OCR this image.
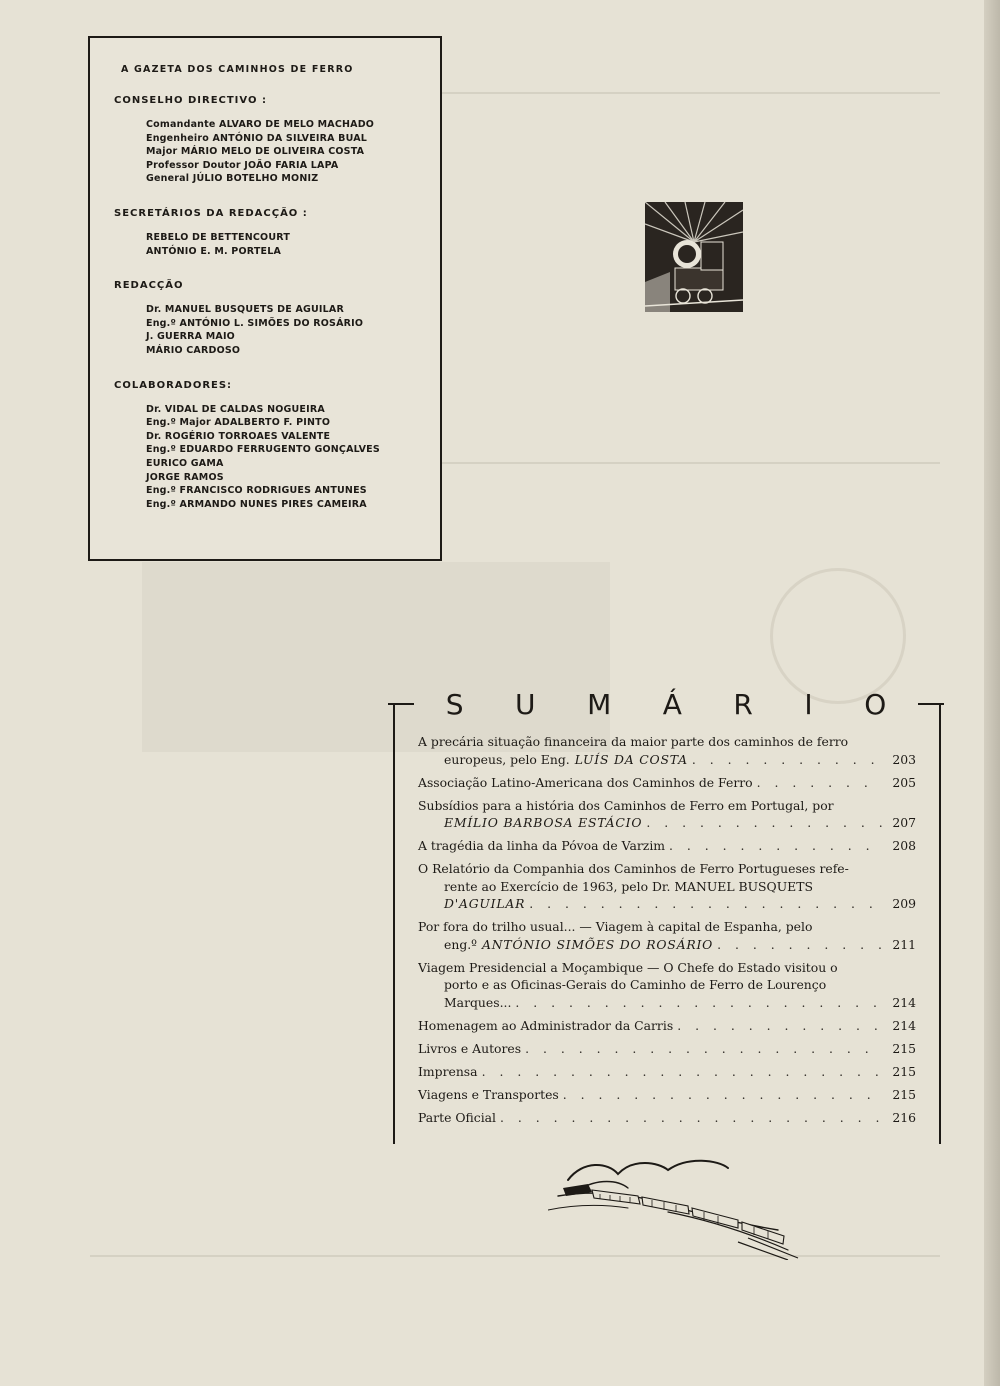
A GAZETA DOS CAMINHOS DE FERRO
CONSELHO DIRECTIVO :
Comandante ALVARO DE MELO MACHADO
Engenheiro ANTÓNIO DA SILVEIRA BUAL
Major MÁRIO MELO DE OLIVEIRA COSTA
Professor Doutor JOÃO FARIA LAPA
General JÚLIO BOTELHO MONIZ
SECRETÁRIOS DA REDACÇÃO :
REBELO DE BETTENCOURT
ANTÓNIO E. M. PORTELA
REDACÇÃO
Dr. MANUEL BUSQUETS DE AGUILAR
Eng.º ANTÓNIO L. SIMÕES DO ROSÁRIO
J. GUERRA MAIO
MÁRIO CARDOSO
COLABORADORES:
Dr. VIDAL DE CALDAS NOGUEIRA
Eng.º Major ADALBERTO F. PINTO
Dr. ROGÉRIO TORROAES VALENTE
Eng.º EDUARDO FERRUGENTO GONÇALVES
EURICO GAMA
JORGE RAMOS
Eng.º FRANCISCO RODRIGUES ANTUNES
Eng.º ARMANDO NUNES PIRES CAMEIRA
S U M Á R I O
A precária situação financeira da maior parte dos caminhos de ferro
europeus, pelo Eng. LUÍS DA COSTA . . .	203
Associação Latino-Americana dos Caminhos de Ferro . . .	205
Subsídios para a história dos Caminhos de Ferro em Portugal, por
EMÍLIO BARBOSA ESTÁCIO . . .	207
A tragédia da linha da Póvoa de Varzim . . .	208
O Relatório da Companhia dos Caminhos de Ferro Portugueses refe-
rente ao Exercício de 1963, pelo Dr. MANUEL BUSQUETS
D'AGUILAR . . .	209
Por fora do trilho usual... — Viagem à capital de Espanha, pelo
eng.º ANTÓNIO SIMÕES DO ROSÁRIO . . .	211
Viagem Presidencial a Moçambique — O Chefe do Estado visitou o
porto e as Oficinas-Gerais do Caminho de Ferro de Lourenço
Marques... . . .	214
Homenagem ao Administrador da Carris . . .	214
Livros e Autores . . .	215
Imprensa . . .	215
Viagens e Transportes . . .	215
Parte Oficial . . .	216
